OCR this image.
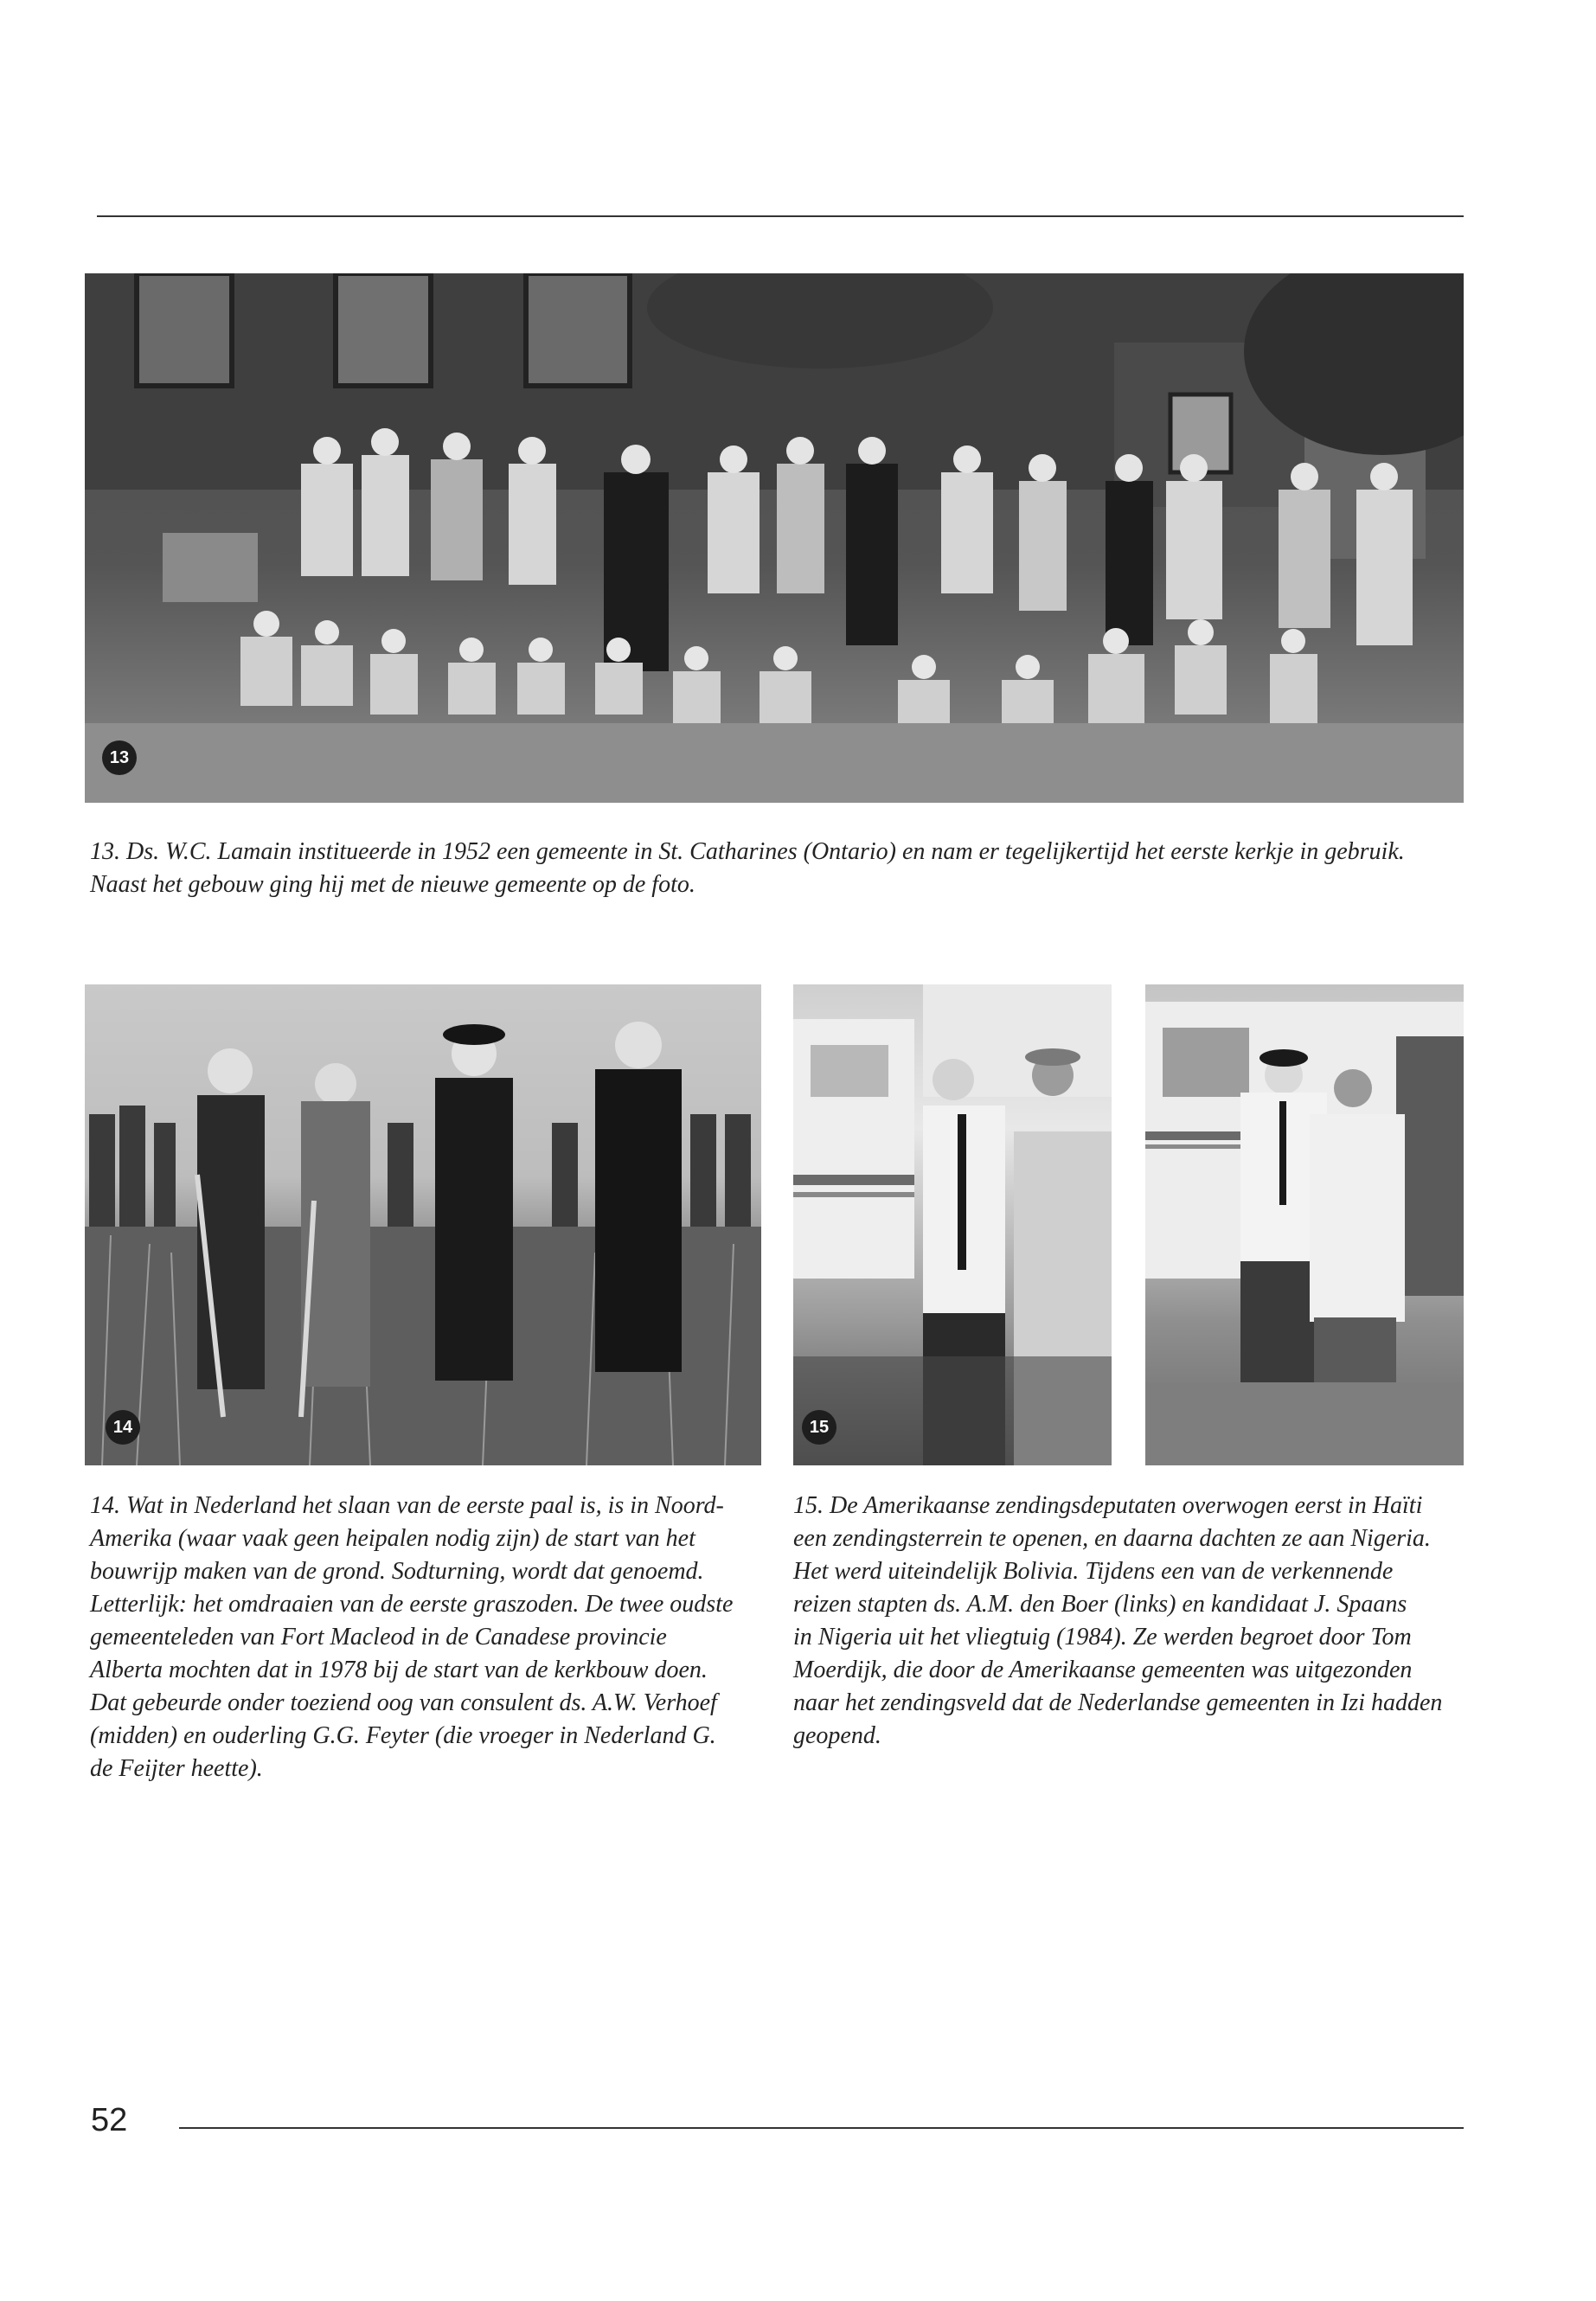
13

13. Ds. W.C. Lamain institueerde in 1952 een gemeente in St. Catharines (Ontario) en nam er tegelijkertijd het eerste kerkje in gebruik.

Naast het gebouw ging hij met de nieuwe gemeente op de foto.

14	15

14. Wat in Nederland het slaan van de eerste paal is, is in Noord-

Amerika (waar vaak geen heipalen nodig zijn) de start van het

bouwrijp maken van de grond. Sodturning, wordt dat genoemd.

Letterlijk: het omdraaien van de eerste graszoden. De twee oudste

gemeenteleden van Fort Macleod in de Canadese provincie

Alberta mochten dat in 1978 bij de start van de kerkbouw doen.

Dat gebeurde onder toeziend oog van consulent ds. A.W. Verhoef

(midden) en ouderling G.G. Feyter (die vroeger in Nederland G.

de Feijter heette).

15. De Amerikaanse zendingsdeputaten overwogen eerst in Haïti

een zendingsterrein te openen, en daarna dachten ze aan Nigeria.

Het werd uiteindelijk Bolivia. Tijdens een van de verkennende

reizen stapten ds. A.M. den Boer (links) en kandidaat J. Spaans

in Nigeria uit het vliegtuig (1984). Ze werden begroet door Tom

Moerdijk, die door de Amerikaanse gemeenten was uitgezonden

naar het zendingsveld dat de Nederlandse gemeenten in Izi hadden

geopend.

52
